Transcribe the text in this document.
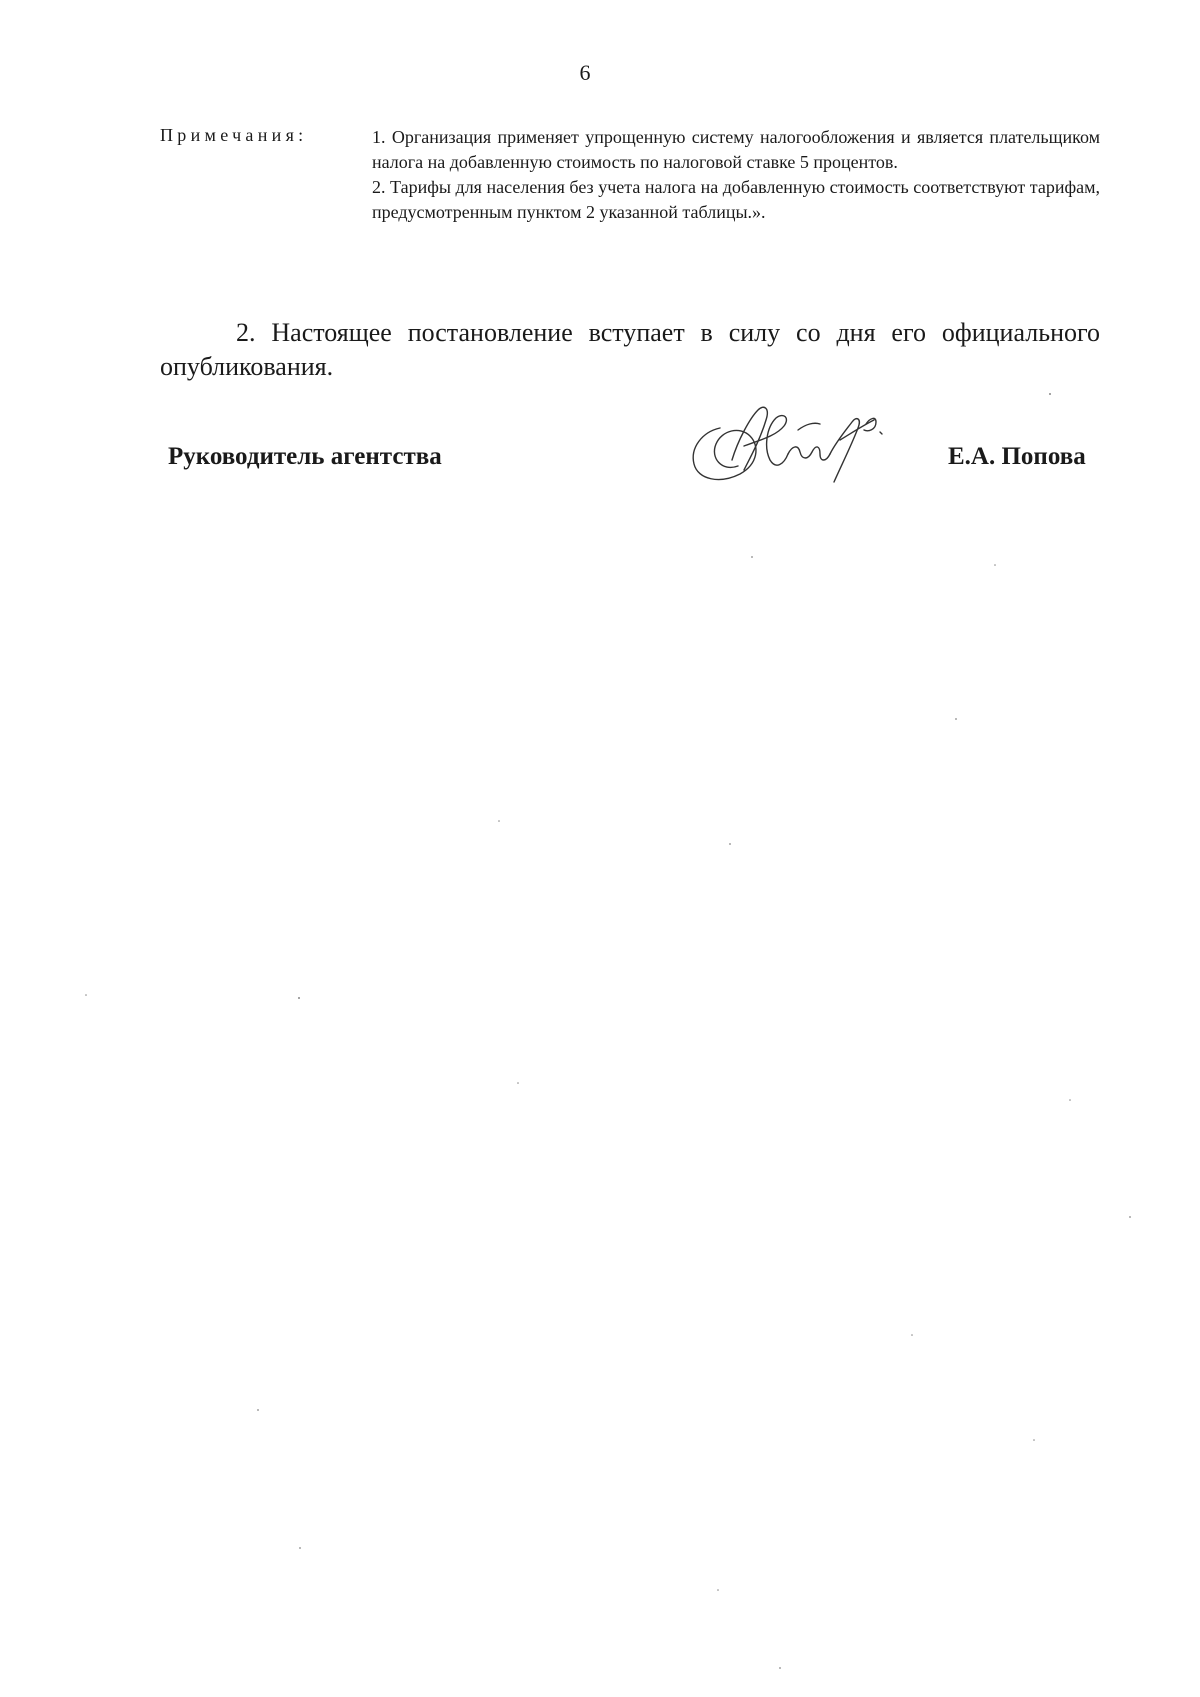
6
Примечания:	1. Организация применяет упрощенную систему налогообложения и является плательщиком налога на добавленную стоимость по налоговой ставке 5 процентов.

2. Тарифы для населения без учета налога на добавленную стоимость соответствуют тарифам, предусмотренным пунктом 2 указанной таблицы.».

2. Настоящее постановление вступает в силу со дня его официального опубликования.
Руководитель агентства	Е.А. Попова
